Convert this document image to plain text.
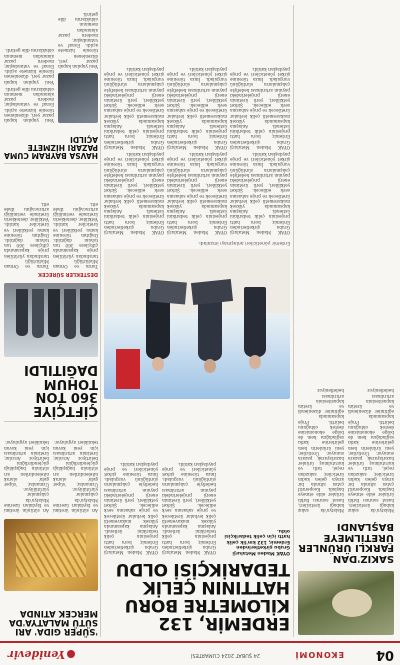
04
EKONOMİ
24 ŞUBAT 2024 CUMARTESİ
Yenidevir
SAKIZ'DAN FARKLI ÜRÜNLER ÜRETİLMEYE BAŞLANDI

Malatya'da sakız kabağı üreticileri, hasat sonrası farklı ürünler elde etmeye başladı. Kooperatif çatısı altında bir araya gelen kadın üreticiler, sakızdan reçel, tatlı ve kurutulmuş ürünler hazırlayarak pazara sunuyor. Üreticiler, yeni ürünlerin hem gelirlerine katkı sağladığını hem de bölge ekonomisine destek olduğunu belirtti. Proje kapsamında eğitimler düzenlendi ve üretim kapasitesinin artırılması hedefleniyor.

Malatya'da sakız kabağı üreticileri, hasat sonrası farklı ürünler elde etmeye başladı. Kooperatif çatısı altında bir araya gelen kadın üreticiler, sakızdan reçel, tatlı ve kurutulmuş ürünler hazırlayarak pazara sunuyor. Üreticiler, yeni ürünlerin hem gelirlerine katkı sağladığını hem de bölge ekonomisine destek olduğunu belirtti. Proje kapsamında eğitimler düzenlendi ve üretim kapasitesinin artırılması hedefleniyor.

ERDEMİR, 132 KİLOMETRE BORU HATTININ ÇELİK TEDARİKÇİSİ OLDU
OYAK Maden Metalurji Grubu şirketlerinden Erdemir, 132 km'lik çelik hattı için çelik tedarikçisi oldu.

OYAK Maden Metalurji Grubu şirketlerinden Erdemir, boru hattı projesinin çelik tedarikini üstlendi. Anlaşma kapsamında yüksek mukavemetli çelik levhalar üretilecek ve proje sahasına sevk edilecek. Şirket yetkilileri, yerli üretimin enerji projelerindeki payının artırılması hedefiyle çalışmaların sürdüğünü vurguladı. İmza törenine şirket yöneticileri ve proje paydaşları katıldı.

OYAK Maden Metalurji Grubu şirketlerinden Erdemir, boru hattı projesinin çelik tedarikini üstlendi. Anlaşma kapsamında yüksek mukavemetli çelik levhalar üretilecek ve proje sahasına sevk edilecek. Şirket yetkilileri, yerli üretimin enerji projelerindeki payının artırılması hedefiyle çalışmaların sürdüğünü vurguladı. İmza törenine şirket yöneticileri ve proje paydaşları katıldı.

Erdemir yöneticileri anlaşmayı imzaladı.

OYAK Maden Metalurji Grubu şirketlerinden Erdemir, boru hattı projesinin çelik tedarikini üstlendi. Anlaşma kapsamında yüksek mukavemetli çelik levhalar üretilecek ve proje sahasına sevk edilecek. Şirket yetkilileri, yerli üretimin enerji projelerindeki payının artırılması hedefiyle çalışmaların sürdüğünü vurguladı. İmza törenine şirket yöneticileri ve proje paydaşları katıldı.

OYAK Maden Metalurji Grubu şirketlerinden Erdemir, boru hattı projesinin çelik tedarikini üstlendi. Anlaşma kapsamında yüksek mukavemetli çelik levhalar üretilecek ve proje sahasına sevk edilecek. Şirket yetkilileri, yerli üretimin enerji projelerindeki payının artırılması hedefiyle çalışmaların sürdüğünü vurguladı. İmza törenine şirket yöneticileri ve proje paydaşları katıldı.

OYAK Maden Metalurji Grubu şirketlerinden Erdemir, boru hattı projesinin çelik tedarikini üstlendi. Anlaşma kapsamında yüksek mukavemetli çelik levhalar üretilecek ve proje sahasına sevk edilecek. Şirket yetkilileri, yerli üretimin enerji projelerindeki payının artırılması hedefiyle çalışmaların sürdüğünü vurguladı. İmza törenine şirket yöneticileri ve proje paydaşları katıldı.

OYAK Maden Metalurji Grubu şirketlerinden Erdemir, boru hattı projesinin çelik tedarikini üstlendi. Anlaşma kapsamında yüksek mukavemetli çelik levhalar üretilecek ve proje sahasına sevk edilecek. Şirket yetkilileri, yerli üretimin enerji projelerindeki payının artırılması hedefiyle çalışmaların sürdüğünü vurguladı. İmza törenine şirket yöneticileri ve proje paydaşları katıldı.

OYAK Maden Metalurji Grubu şirketlerinden Erdemir, boru hattı projesinin çelik tedarikini üstlendi. Anlaşma kapsamında yüksek mukavemetli çelik levhalar üretilecek ve proje sahasına sevk edilecek. Şirket yetkilileri, yerli üretimin enerji projelerindeki payının artırılması hedefiyle çalışmaların sürdüğünü vurguladı. İmza törenine şirket yöneticileri ve proje paydaşları katıldı.

OYAK Maden Metalurji Grubu şirketlerinden Erdemir, boru hattı projesinin çelik tedarikini üstlendi. Anlaşma kapsamında yüksek mukavemetli çelik levhalar üretilecek ve proje sahasına sevk edilecek. Şirket yetkilileri, yerli üretimin enerji projelerindeki payının artırılması hedefiyle çalışmaların sürdüğünü vurguladı. İmza törenine şirket yöneticileri ve proje paydaşları katıldı.

'SÜPER GIDA' ARI SÜTÜ MALATYA'DA MERCEK ATINDA

Arı sütünün üretimi ve faydaları üzerine Malatya'da çalışmalar yürütülüyor. Uzmanlar, 'süper gıda' olarak nitelendirilen arı sütünün bağışıklığı güçlendirdiğini belirtiyor. Arıcılar, üretimin artırılması için yeni kovan teknikleri uyguluyor.

Arı sütünün üretimi ve faydaları üzerine Malatya'da çalışmalar yürütülüyor. Uzmanlar, 'süper gıda' olarak nitelendirilen arı sütünün bağışıklığı güçlendirdiğini belirtiyor. Arıcılar, üretimin artırılması için yeni kovan teknikleri uyguluyor.

ÇİFTÇİYE 360 TON TOHUM DAĞITILDI
DESTEKLER SÜRECEK

Tarım ve Orman Müdürlüğü tarafından yürütülen proje kapsamında çiftçilere 360 ton tohum dağıtıldı. Dağıtım törenine kamu yetkilileri ve üreticiler katıldı. Yetkililer, desteklerin üretimde verimliliği artıracağını ifade etti.

Tarım ve Orman Müdürlüğü tarafından yürütülen proje kapsamında çiftçilere 360 ton tohum dağıtıldı. Dağıtım törenine kamu yetkilileri ve üreticiler katıldı. Yetkililer, desteklerin üretimde verimliliği artıracağını ifade etti.

HAVSA BAYRAM CUMA PAZARI HİZMETE AÇILDI

Yeni yapılan kapalı pazar yeri, düzenlenen törenle hizmete açıldı. Esnaf ve vatandaşlar, modern pazar alanından memnun olduklarını dile getirdi.

Yeni yapılan kapalı pazar yeri, düzenlenen törenle hizmete açıldı. Esnaf ve vatandaşlar, modern pazar alanından memnun olduklarını dile getirdi.

Yeni yapılan kapalı pazar yeri, düzenlenen törenle hizmete açıldı. Esnaf ve vatandaşlar, modern pazar alanından memnun olduklarını dile getirdi.
